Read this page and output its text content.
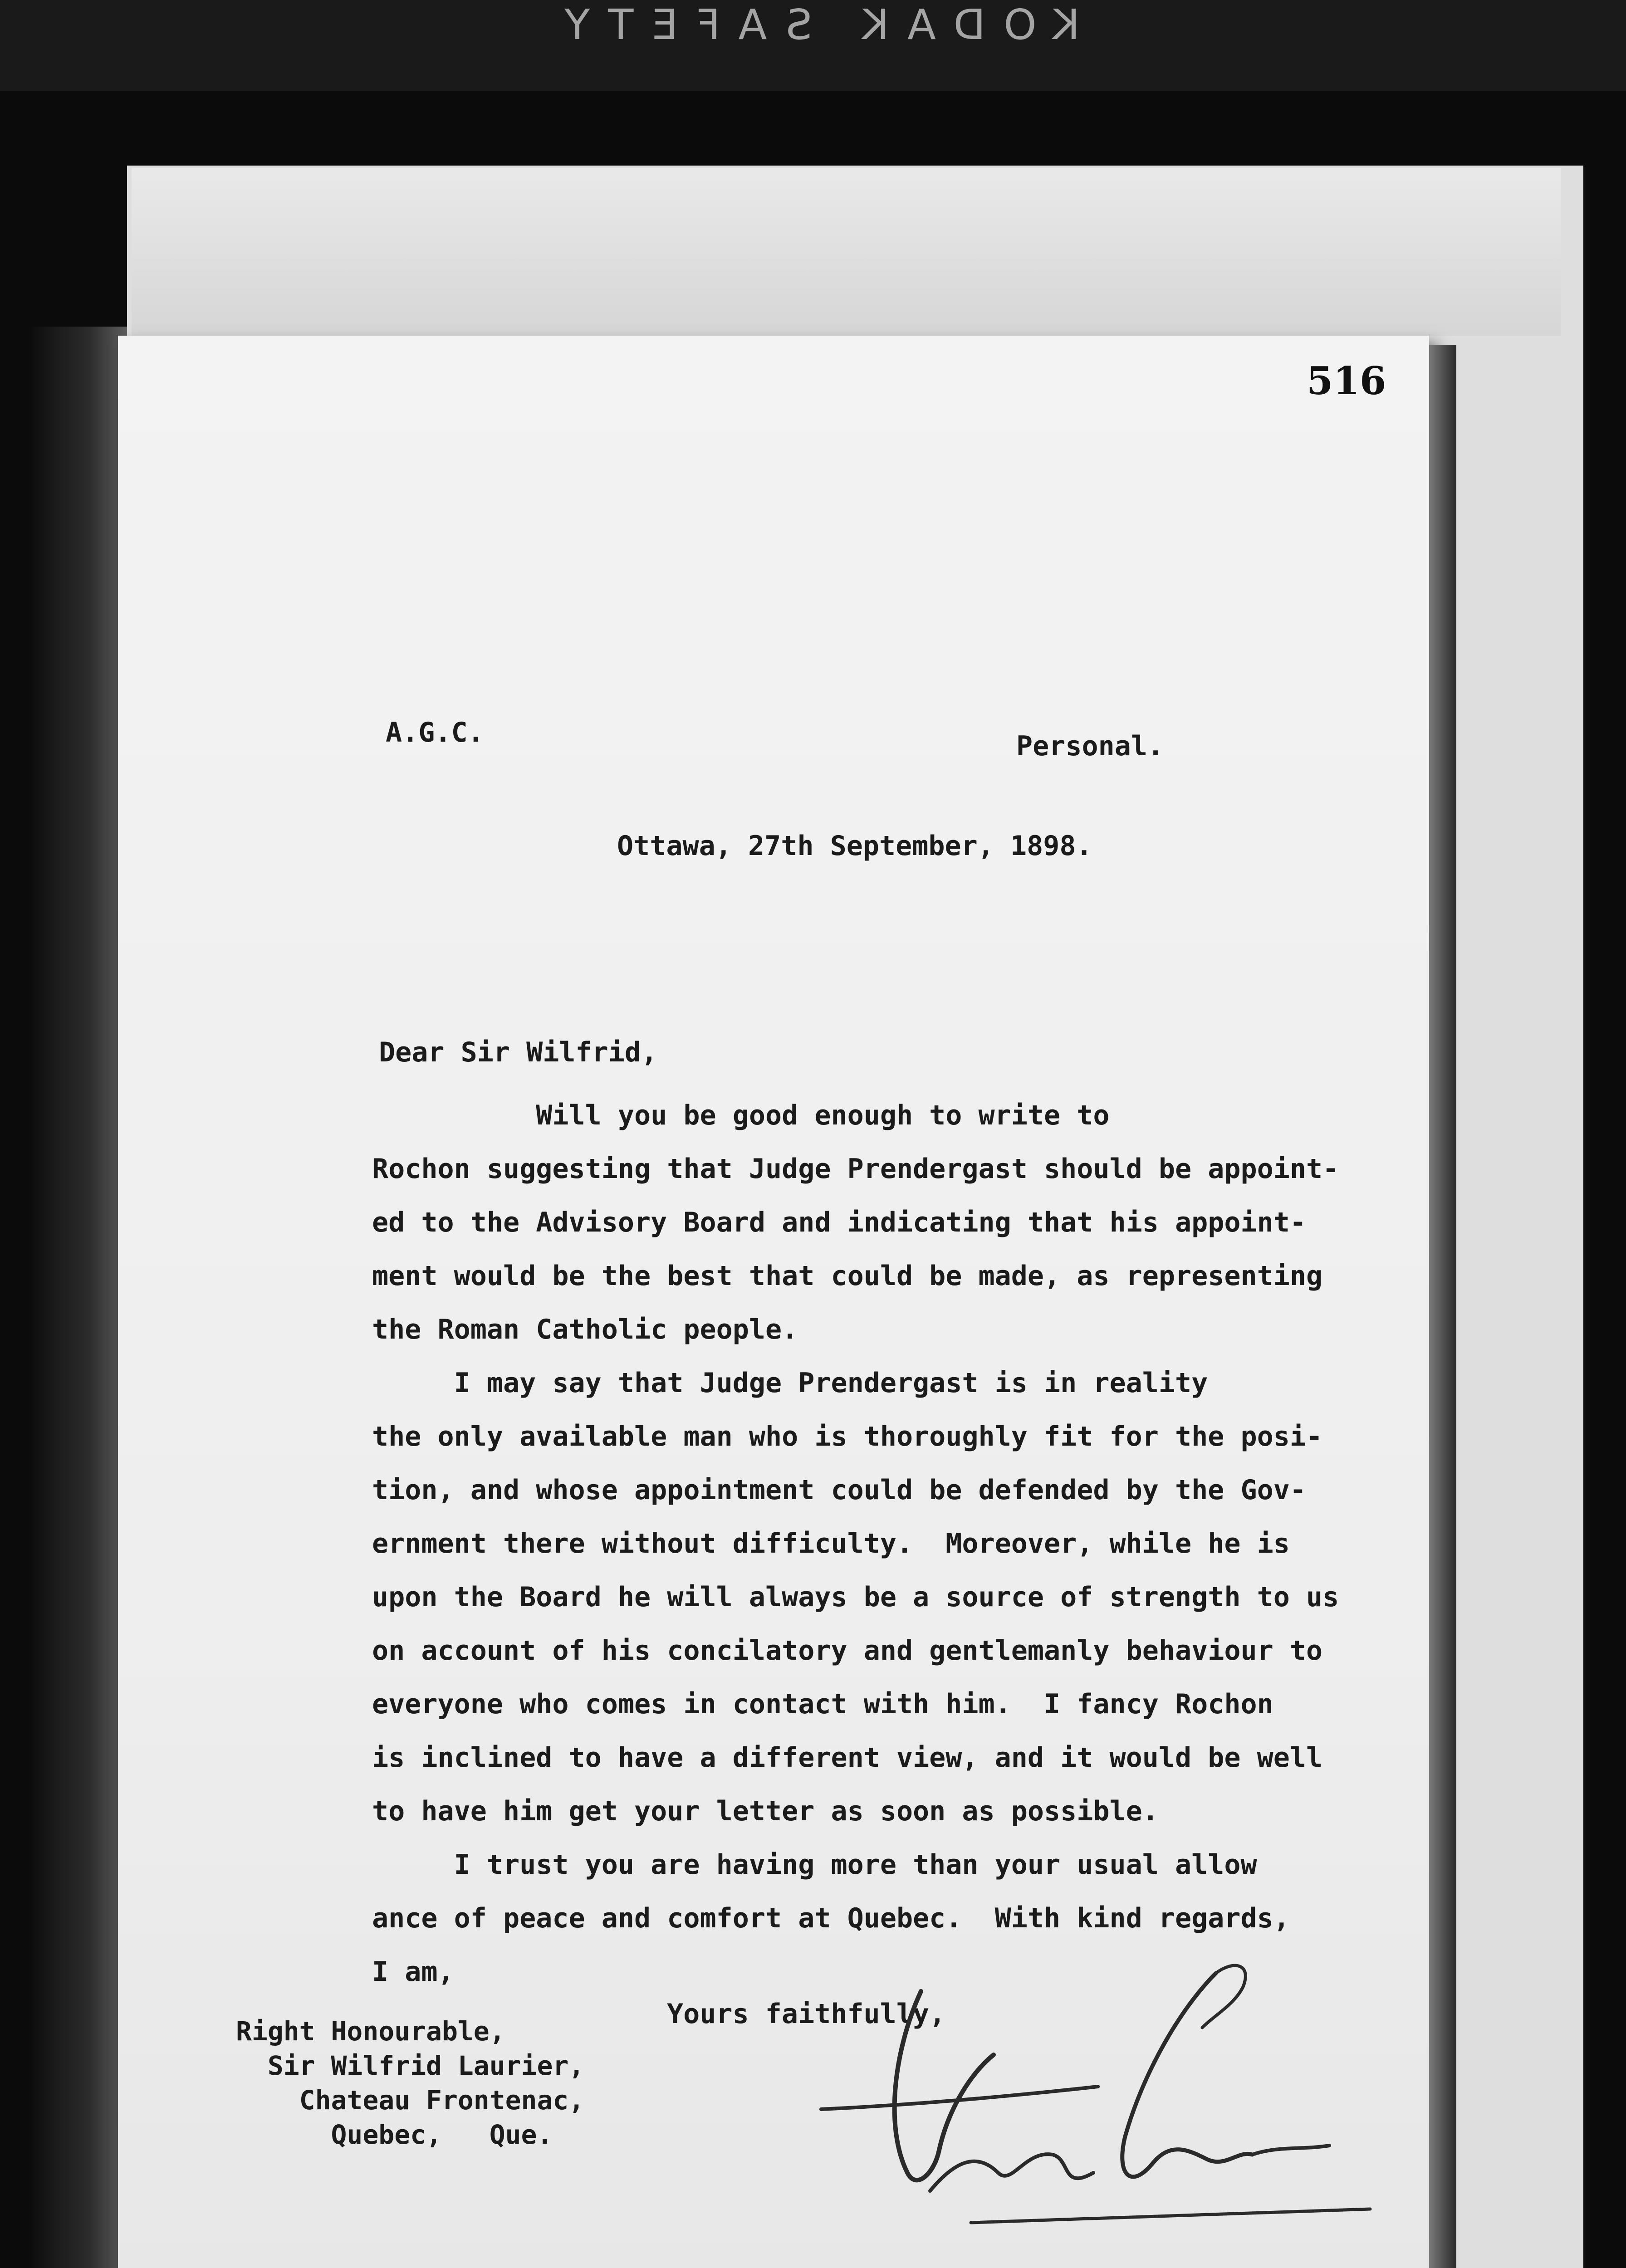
KODAK SAFETY
516
A.G.C.	Personal.
Ottawa, 27th September, 1898.
Dear Sir Wilfrid,
Will you be good enough to write to
Rochon suggesting that Judge Prendergast should be appoint-
ed to the Advisory Board and indicating that his appoint-
ment would be the best that could be made, as representing
the Roman Catholic people.
I may say that Judge Prendergast is in reality
the only available man who is thoroughly fit for the posi-
tion, and whose appointment could be defended by the Gov-
ernment there without difficulty.  Moreover, while he is
upon the Board he will always be a source of strength to us
on account of his concilatory and gentlemanly behaviour to
everyone who comes in contact with him.  I fancy Rochon
is inclined to have a different view, and it would be well
to have him get your letter as soon as possible.
I trust you are having more than your usual allow
ance of peace and comfort at Quebec.  With kind regards,
I am,
Yours faithfully,
Right Honourable,
Sir Wilfrid Laurier,
Chateau Frontenac,
Quebec,   Que.
